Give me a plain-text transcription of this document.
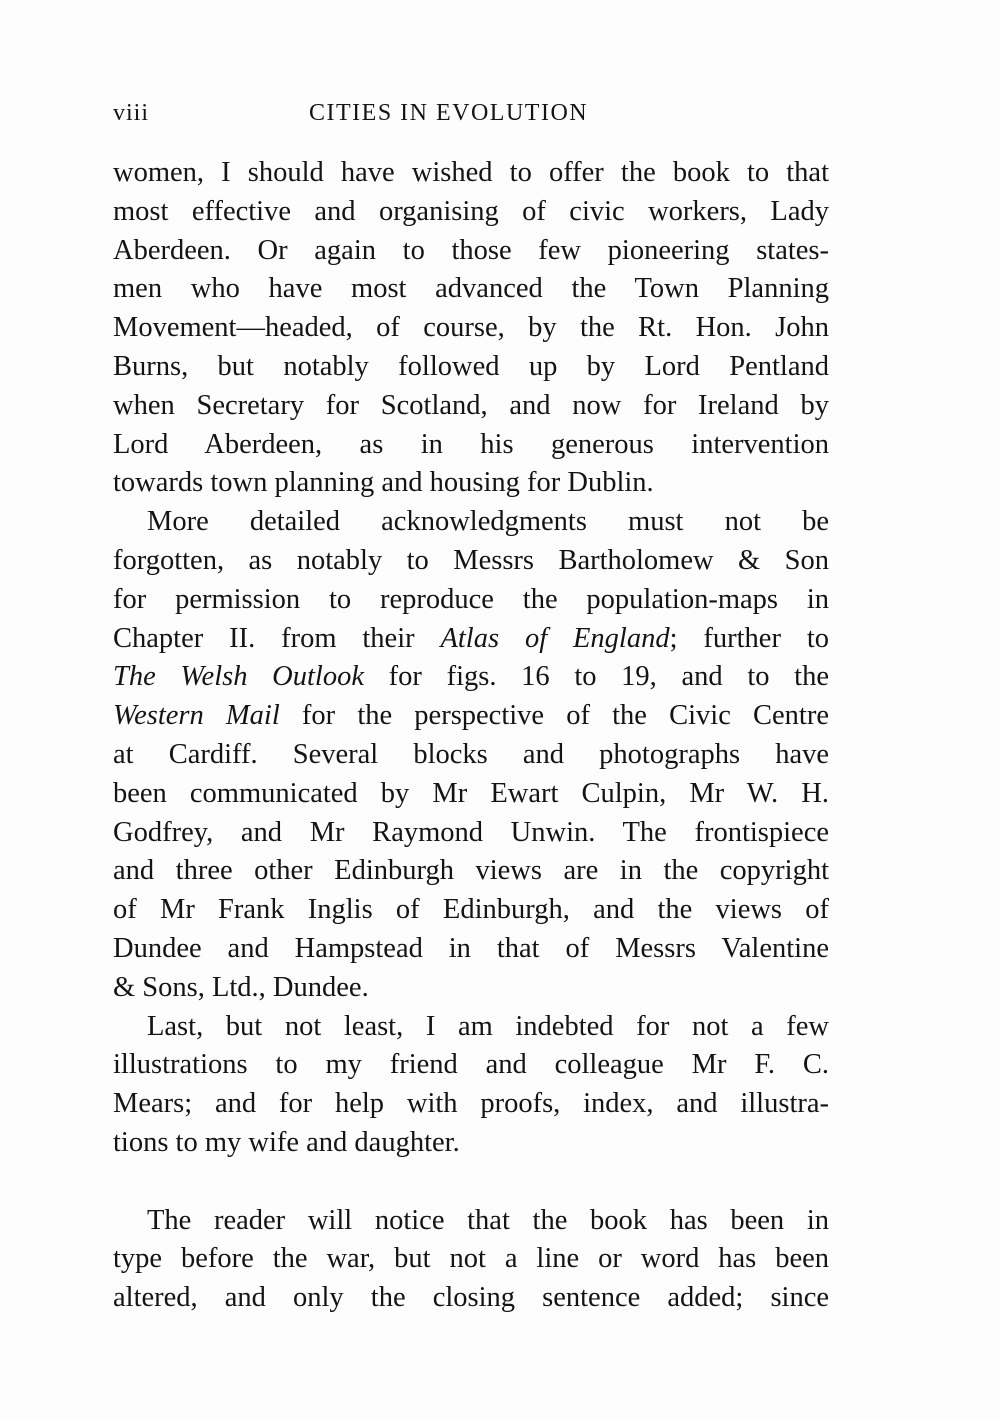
viii	CITIES IN EVOLUTION
women, I should have wished to offer the book to that
most effective and organising of civic workers, Lady
Aberdeen. Or again to those few pioneering states-
men who have most advanced the Town Planning
Movement—headed, of course, by the Rt. Hon. John
Burns, but notably followed up by Lord Pentland
when Secretary for Scotland, and now for Ireland by
Lord Aberdeen, as in his generous intervention
towards town planning and housing for Dublin.
More detailed acknowledgments must not be
forgotten, as notably to Messrs Bartholomew & Son
for permission to reproduce the population-maps in
Chapter II. from their Atlas of England; further to
The Welsh Outlook for figs. 16 to 19, and to the
Western Mail for the perspective of the Civic Centre
at Cardiff. Several blocks and photographs have
been communicated by Mr Ewart Culpin, Mr W. H.
Godfrey, and Mr Raymond Unwin. The frontispiece
and three other Edinburgh views are in the copyright
of Mr Frank Inglis of Edinburgh, and the views of
Dundee and Hampstead in that of Messrs Valentine
& Sons, Ltd., Dundee.
Last, but not least, I am indebted for not a few
illustrations to my friend and colleague Mr F. C.
Mears; and for help with proofs, index, and illustra-
tions to my wife and daughter.
The reader will notice that the book has been in
type before the war, but not a line or word has been
altered, and only the closing sentence added; since
